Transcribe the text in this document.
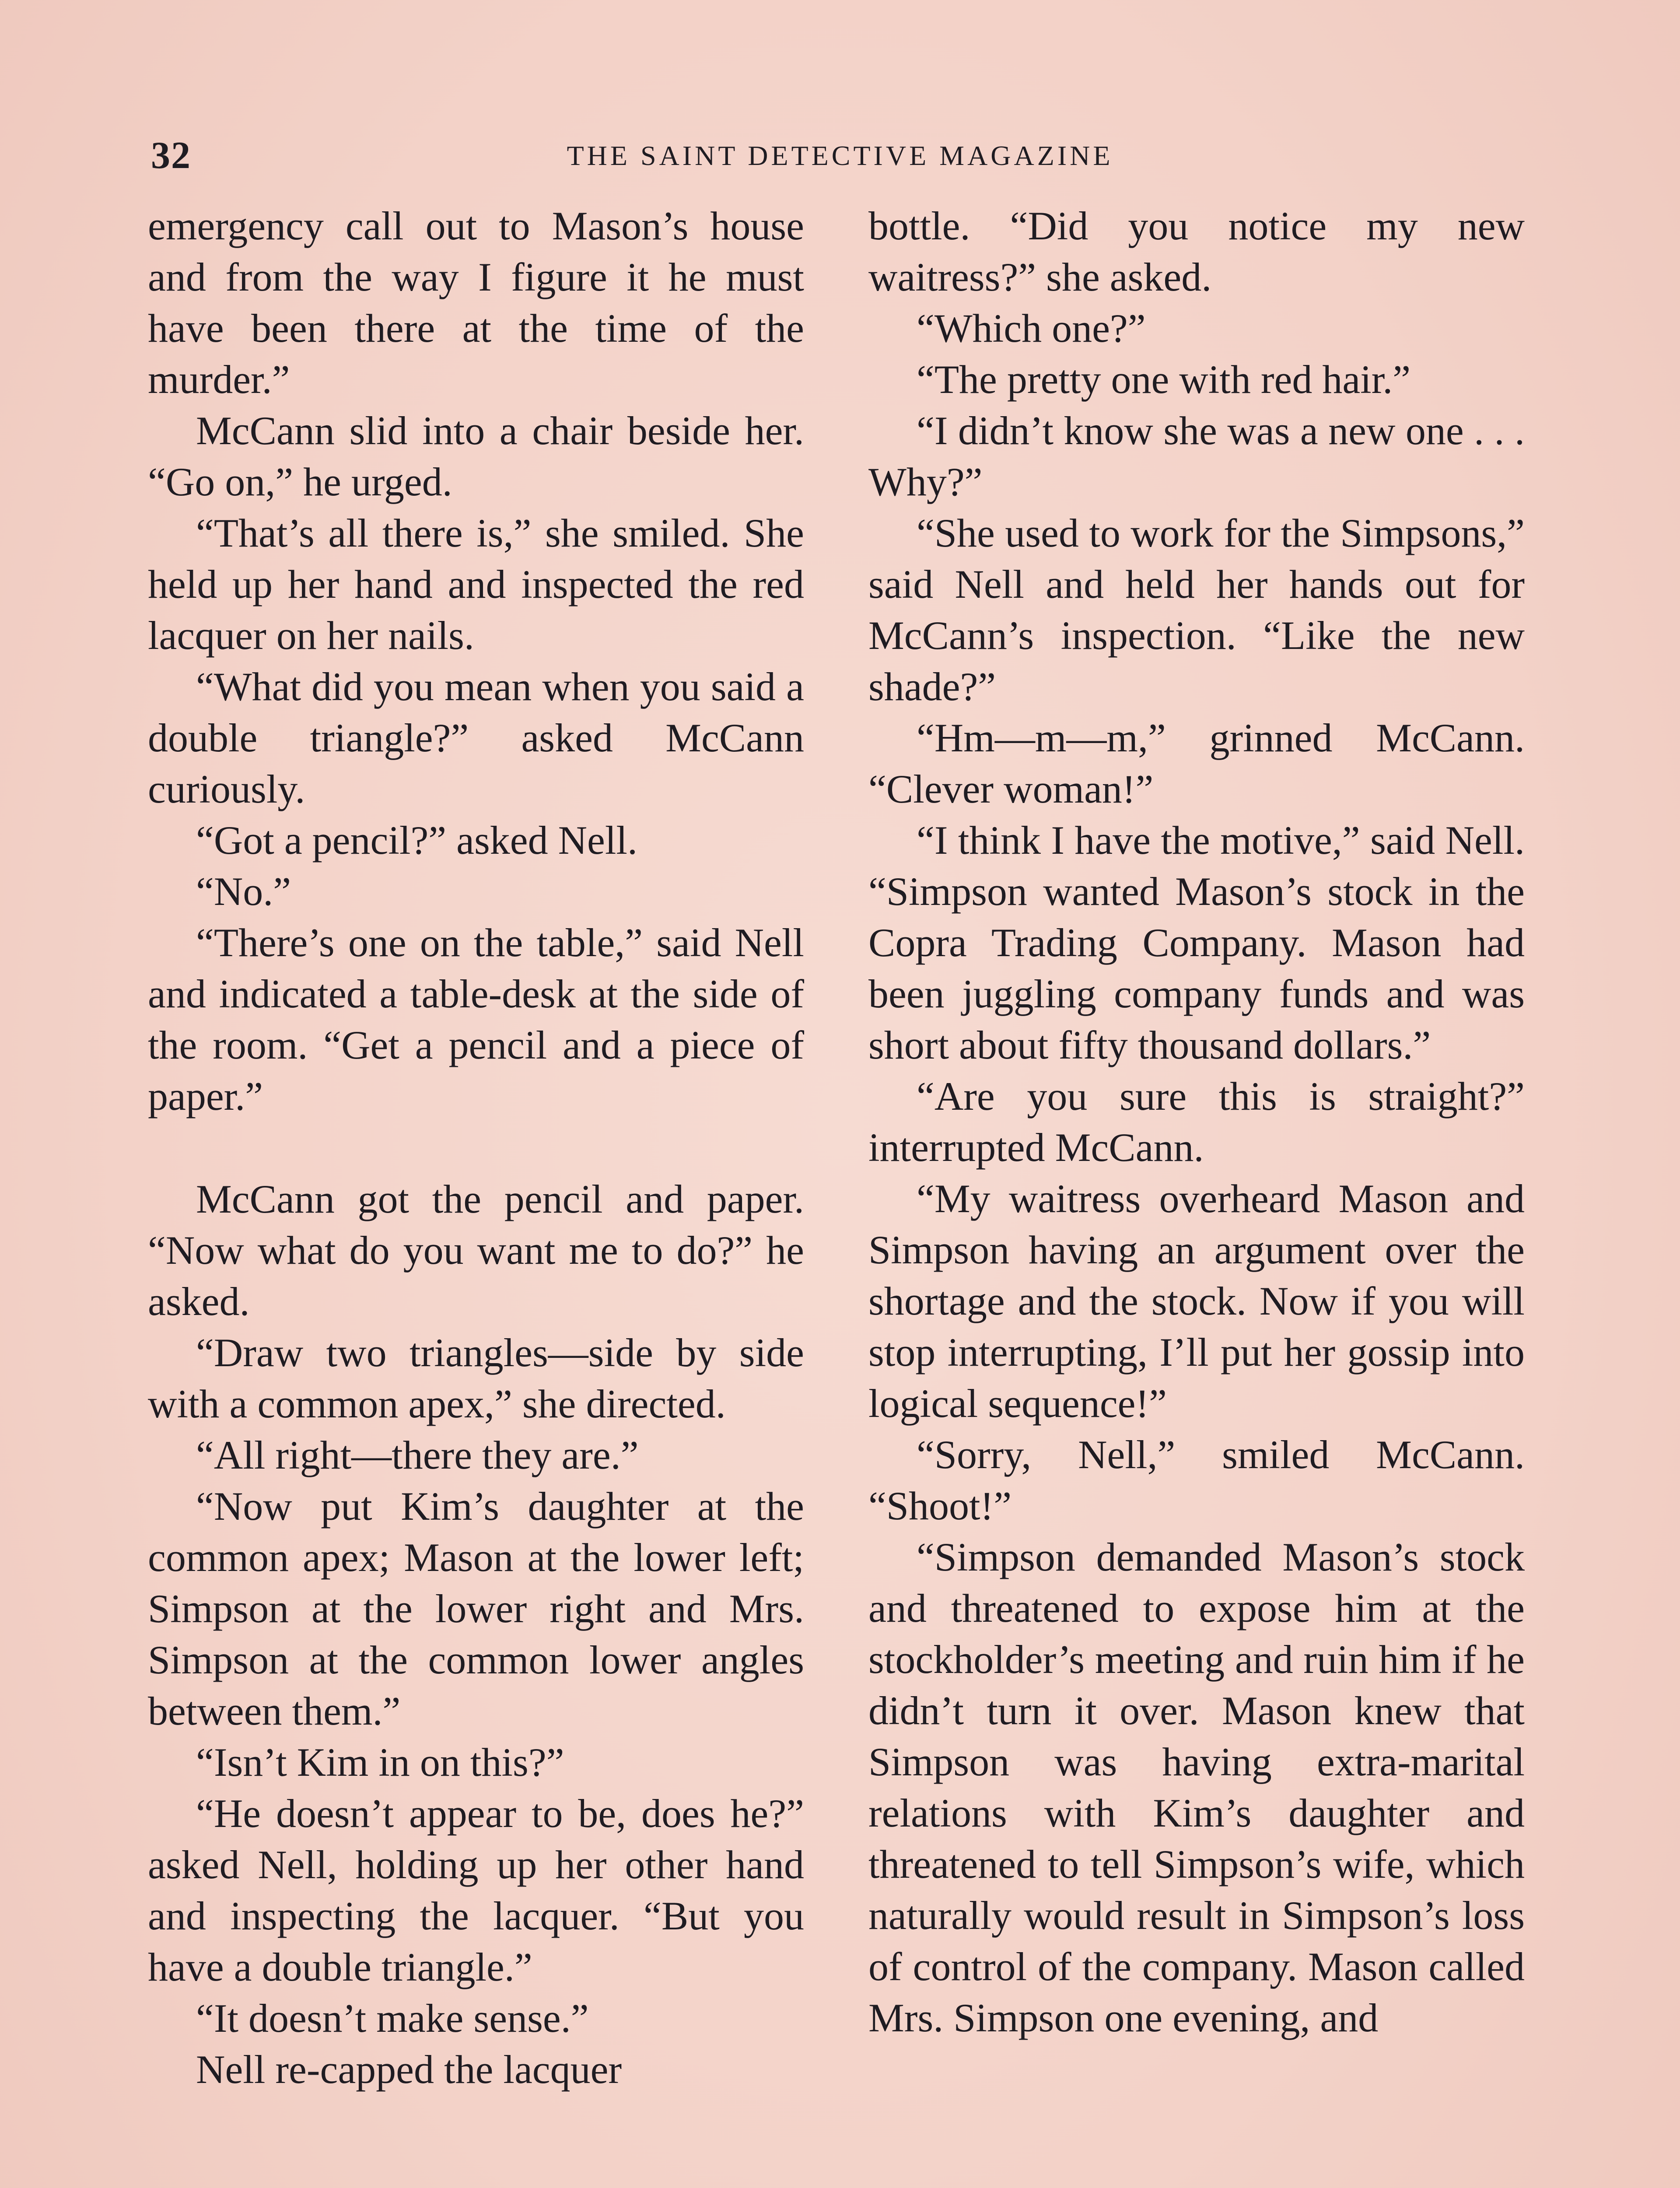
32	THE SAINT DETECTIVE MAGAZINE

emergency call out to Mason’s house and from the way I figure it he must have been there at the time of the murder.”

McCann slid into a chair beside her. “Go on,” he urged.

“That’s all there is,” she smiled. She held up her hand and inspected the red lacquer on her nails.

“What did you mean when you said a double triangle?” asked McCann curiously.

“Got a pencil?” asked Nell.

“No.”

“There’s one on the table,” said Nell and indicated a table-desk at the side of the room. “Get a pencil and a piece of paper.”

McCann got the pencil and paper. “Now what do you want me to do?” he asked.

“Draw two triangles—side by side with a common apex,” she directed.

“All right—there they are.”

“Now put Kim’s daughter at the common apex; Mason at the lower left; Simpson at the lower right and Mrs. Simpson at the common lower angles between them.”

“Isn’t Kim in on this?”

“He doesn’t appear to be, does he?” asked Nell, holding up her other hand and inspecting the lacquer. “But you have a double triangle.”

“It doesn’t make sense.”

Nell re-capped the lacquer

bottle. “Did you notice my new waitress?” she asked.

“Which one?”

“The pretty one with red hair.”

“I didn’t know she was a new one . . . Why?”

“She used to work for the Simpsons,” said Nell and held her hands out for McCann’s inspection. “Like the new shade?”

“Hm—m—m,” grinned McCann. “Clever woman!”

“I think I have the motive,” said Nell. “Simpson wanted Mason’s stock in the Copra Trading Company. Mason had been juggling company funds and was short about fifty thousand dollars.”

“Are you sure this is straight?” interrupted McCann.

“My waitress overheard Mason and Simpson having an argument over the shortage and the stock. Now if you will stop interrupting, I’ll put her gossip into logical sequence!”

“Sorry, Nell,” smiled McCann. “Shoot!”

“Simpson demanded Mason’s stock and threatened to expose him at the stockholder’s meeting and ruin him if he didn’t turn it over. Mason knew that Simpson was having extra-marital relations with Kim’s daughter and threatened to tell Simpson’s wife, which naturally would result in Simpson’s loss of control of the company. Mason called Mrs. Simpson one evening, and
